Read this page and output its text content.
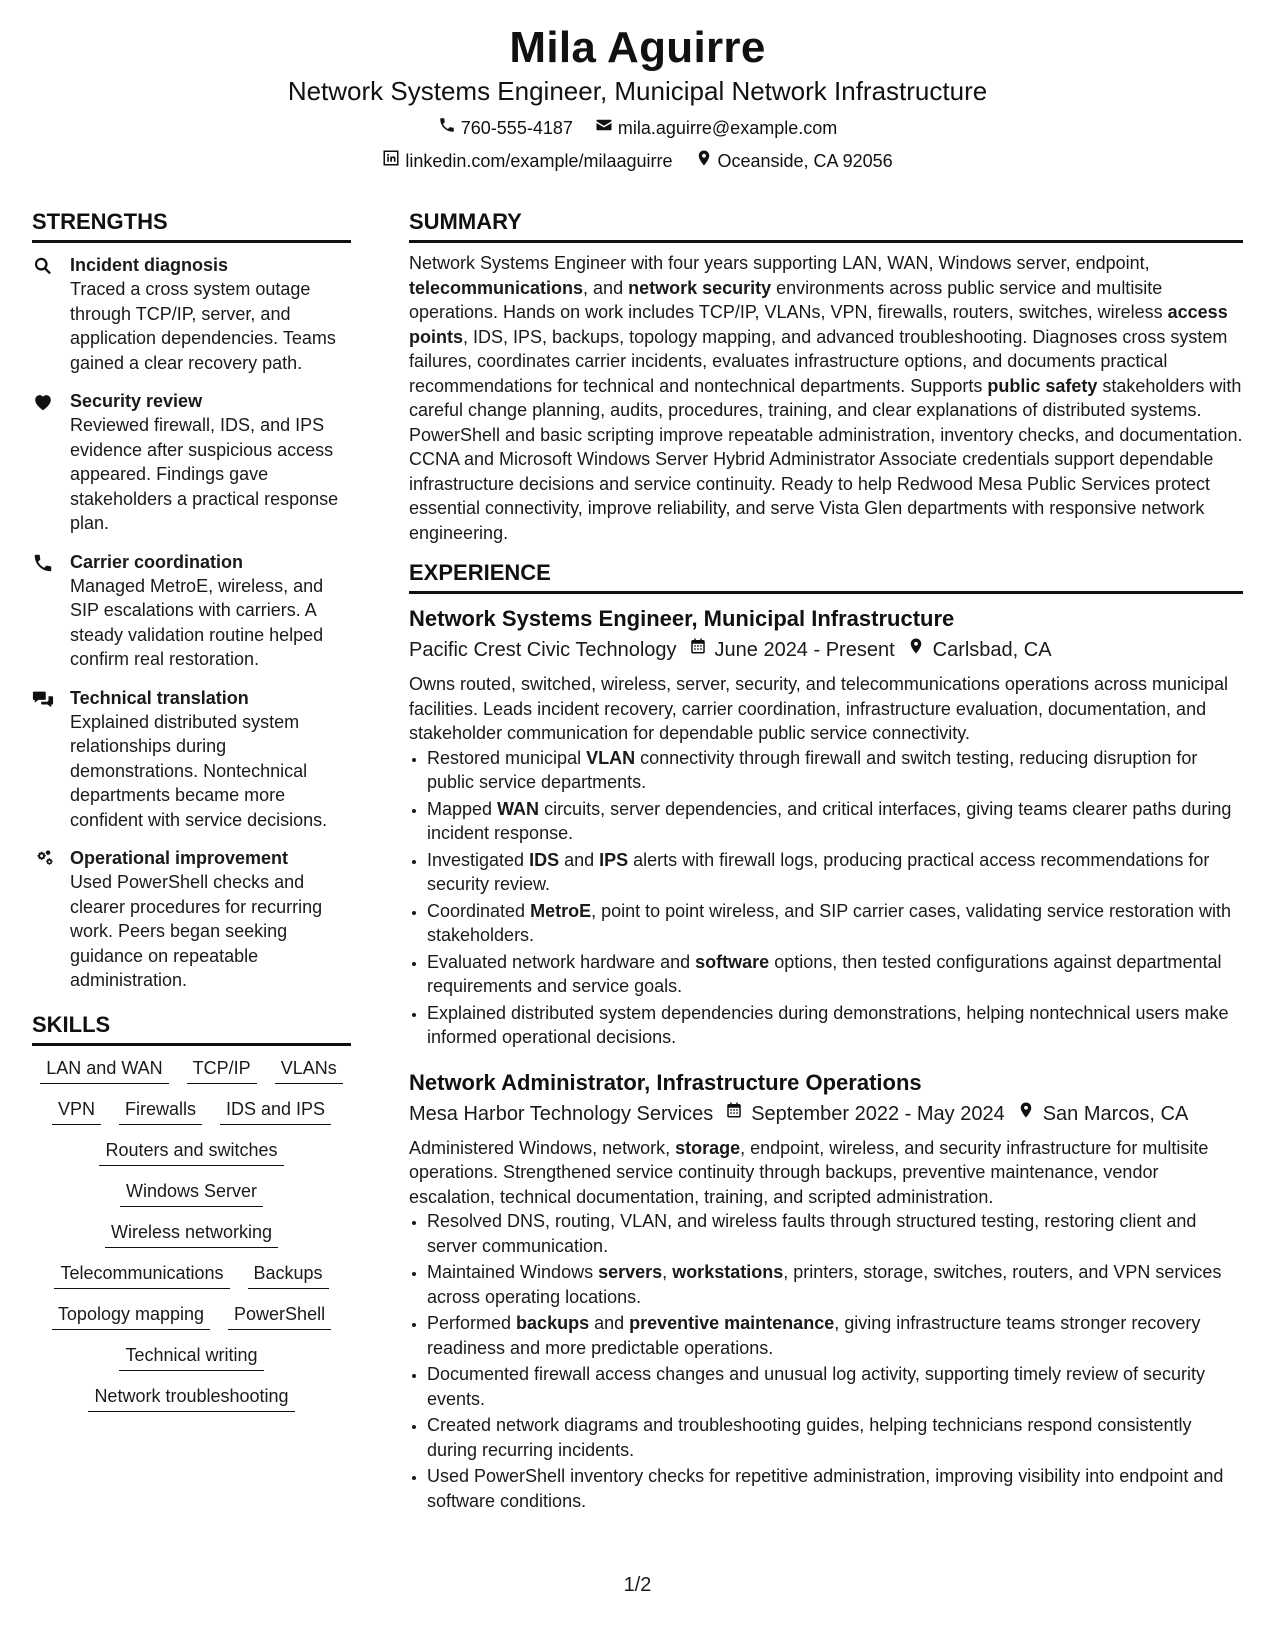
Mila Aguirre
Network Systems Engineer, Municipal Network Infrastructure
760-555-4187	mila.aguirre@example.com
linkedin.com/example/milaaguirre	Oceanside, CA 92056
STRENGTHS
Incident diagnosis
Traced a cross system outage through TCP/IP, server, and application dependencies. Teams gained a clear recovery path.
Security review
Reviewed firewall, IDS, and IPS evidence after suspicious access appeared. Findings gave stakeholders a practical response plan.
Carrier coordination
Managed MetroE, wireless, and SIP escalations with carriers. A steady validation routine helped confirm real restoration.
Technical translation
Explained distributed system relationships during demonstrations. Nontechnical departments became more confident with service decisions.
Operational improvement
Used PowerShell checks and clearer procedures for recurring work. Peers began seeking guidance on repeatable administration.
SKILLS
LAN and WAN	TCP/IP	VLANs
VPN	Firewalls	IDS and IPS
Routers and switches
Windows Server
Wireless networking
Telecommunications	Backups
Topology mapping	PowerShell
Technical writing
Network troubleshooting
SUMMARY

Network Systems Engineer with four years supporting LAN, WAN, Windows server, endpoint, telecommunications, and network security environments across public service and multisite operations. Hands on work includes TCP/IP, VLANs, VPN, firewalls, routers, switches, wireless access points, IDS, IPS, backups, topology mapping, and advanced troubleshooting. Diagnoses cross system failures, coordinates carrier incidents, evaluates infrastructure options, and documents practical recommendations for technical and nontechnical departments. Supports public safety stakeholders with careful change planning, audits, procedures, training, and clear explanations of distributed systems. PowerShell and basic scripting improve repeatable administration, inventory checks, and documentation. CCNA and Microsoft Windows Server Hybrid Administrator Associate credentials support dependable infrastructure decisions and service continuity. Ready to help Redwood Mesa Public Services protect essential connectivity, improve reliability, and serve Vista Glen departments with responsive network engineering.

EXPERIENCE
Network Systems Engineer, Municipal Infrastructure
Pacific Crest Civic Technology June 2024 - Present Carlsbad, CA
Owns routed, switched, wireless, server, security, and telecommunications operations across municipal facilities. Leads incident recovery, carrier coordination, infrastructure evaluation, documentation, and stakeholder communication for dependable public service connectivity.
• Restored municipal VLAN connectivity through firewall and switch testing, reducing disruption for public service departments.
• Mapped WAN circuits, server dependencies, and critical interfaces, giving teams clearer paths during incident response.
• Investigated IDS and IPS alerts with firewall logs, producing practical access recommendations for security review.
• Coordinated MetroE, point to point wireless, and SIP carrier cases, validating service restoration with stakeholders.
• Evaluated network hardware and software options, then tested configurations against departmental requirements and service goals.
• Explained distributed system dependencies during demonstrations, helping nontechnical users make informed operational decisions.
Network Administrator, Infrastructure Operations
Mesa Harbor Technology Services September 2022 - May 2024 San Marcos, CA
Administered Windows, network, storage, endpoint, wireless, and security infrastructure for multisite operations. Strengthened service continuity through backups, preventive maintenance, vendor escalation, technical documentation, training, and scripted administration.
• Resolved DNS, routing, VLAN, and wireless faults through structured testing, restoring client and server communication.
• Maintained Windows servers, workstations, printers, storage, switches, routers, and VPN services across operating locations.
• Performed backups and preventive maintenance, giving infrastructure teams stronger recovery readiness and more predictable operations.
• Documented firewall access changes and unusual log activity, supporting timely review of security events.
• Created network diagrams and troubleshooting guides, helping technicians respond consistently during recurring incidents.
• Used PowerShell inventory checks for repetitive administration, improving visibility into endpoint and software conditions.
1/2
